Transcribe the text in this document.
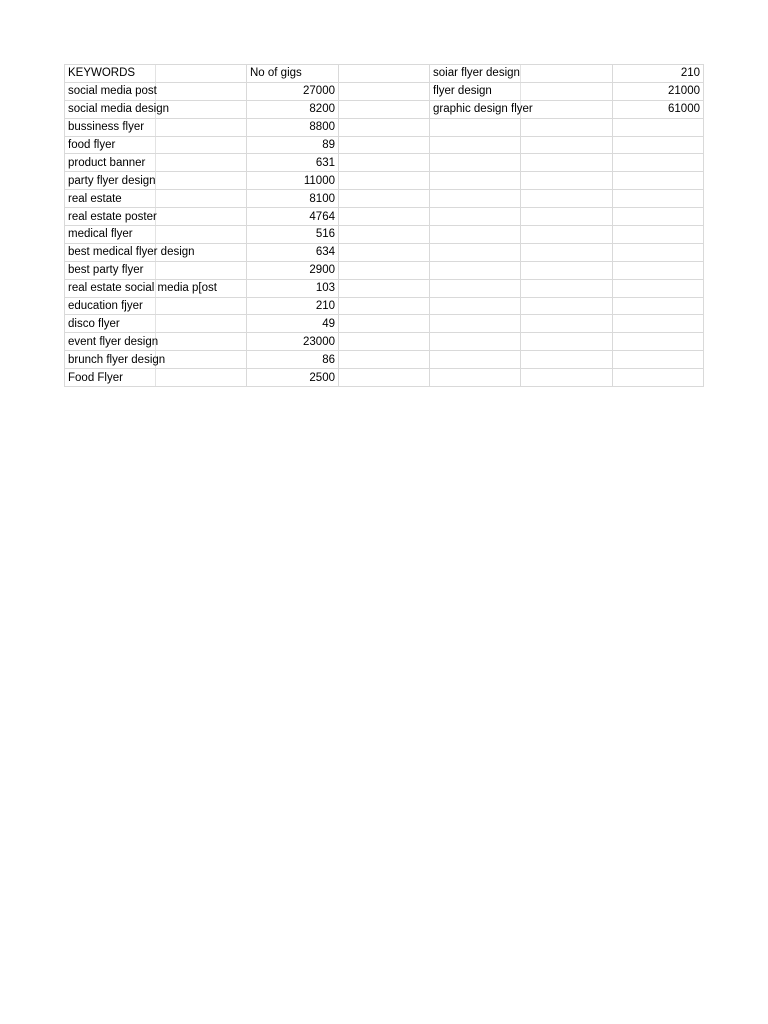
KEYWORDS	No of gigs		soiar flyer design		210
social media post	27000		flyer design		21000
social media design	8200		graphic design flyer		61000
bussiness flyer	8800				
food flyer	89				
product banner	631				
party flyer design	11000				
real estate	8100				
real estate poster	4764				
medical flyer	516				
best medical flyer design	634				
best party flyer	2900				
real estate social media p[ost	103				
education fjyer	210				
disco flyer	49				
event flyer design	23000				
brunch flyer design	86				
Food Flyer	2500				
